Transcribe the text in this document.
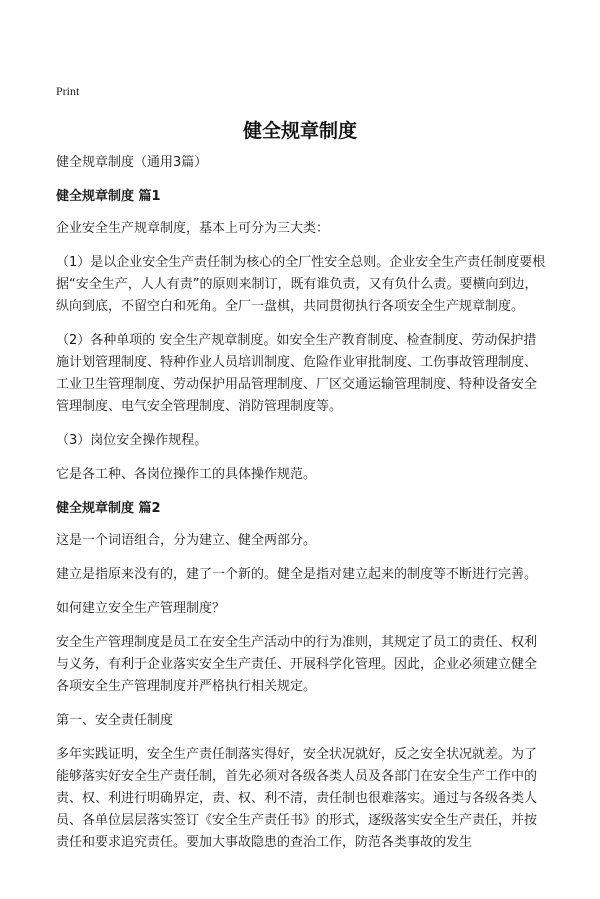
Print
健全规章制度

健全规章制度（通用3篇）

健全规章制度 篇1

企业安全生产规章制度，基本上可分为三大类：

（1）是以企业安全生产责任制为核心的全厂性安全总则。企业安全生产责任制度要根据“安全生产，人人有责”的原则来制订，既有谁负责，又有负什么责。要横向到边，纵向到底，不留空白和死角。全厂一盘棋，共同贯彻执行各项安全生产规章制度。

（2）各种单项的 安全生产规章制度。如安全生产教育制度、检查制度、劳动保护措施计划管理制度、特种作业人员培训制度、危险作业审批制度、工伤事故管理制度、工业卫生管理制度、劳动保护用品管理制度、厂区交通运输管理制度、特种设备安全管理制度、电气安全管理制度、消防管理制度等。

（3）岗位安全操作规程。

它是各工种、各岗位操作工的具体操作规范。

健全规章制度 篇2

这是一个词语组合，分为建立、健全两部分。

建立是指原来没有的，建了一个新的。健全是指对建立起来的制度等不断进行完善。

如何建立安全生产管理制度？

安全生产管理制度是员工在安全生产活动中的行为准则，其规定了员工的责任、权利与义务，有利于企业落实安全生产责任、开展科学化管理。因此，企业必须建立健全各项安全生产管理制度并严格执行相关规定。

第一、安全责任制度

多年实践证明，安全生产责任制落实得好，安全状况就好，反之安全状况就差。为了能够落实好安全生产责任制，首先必须对各级各类人员及各部门在安全生产工作中的责、权、利进行明确界定，责、权、利不清，责任制也很难落实。通过与各级各类人员、各单位层层落实签订《安全生产责任书》的形式，逐级落实安全生产责任，并按责任和要求追究责任。要加大事故隐患的查治工作，防范各类事故的发生
